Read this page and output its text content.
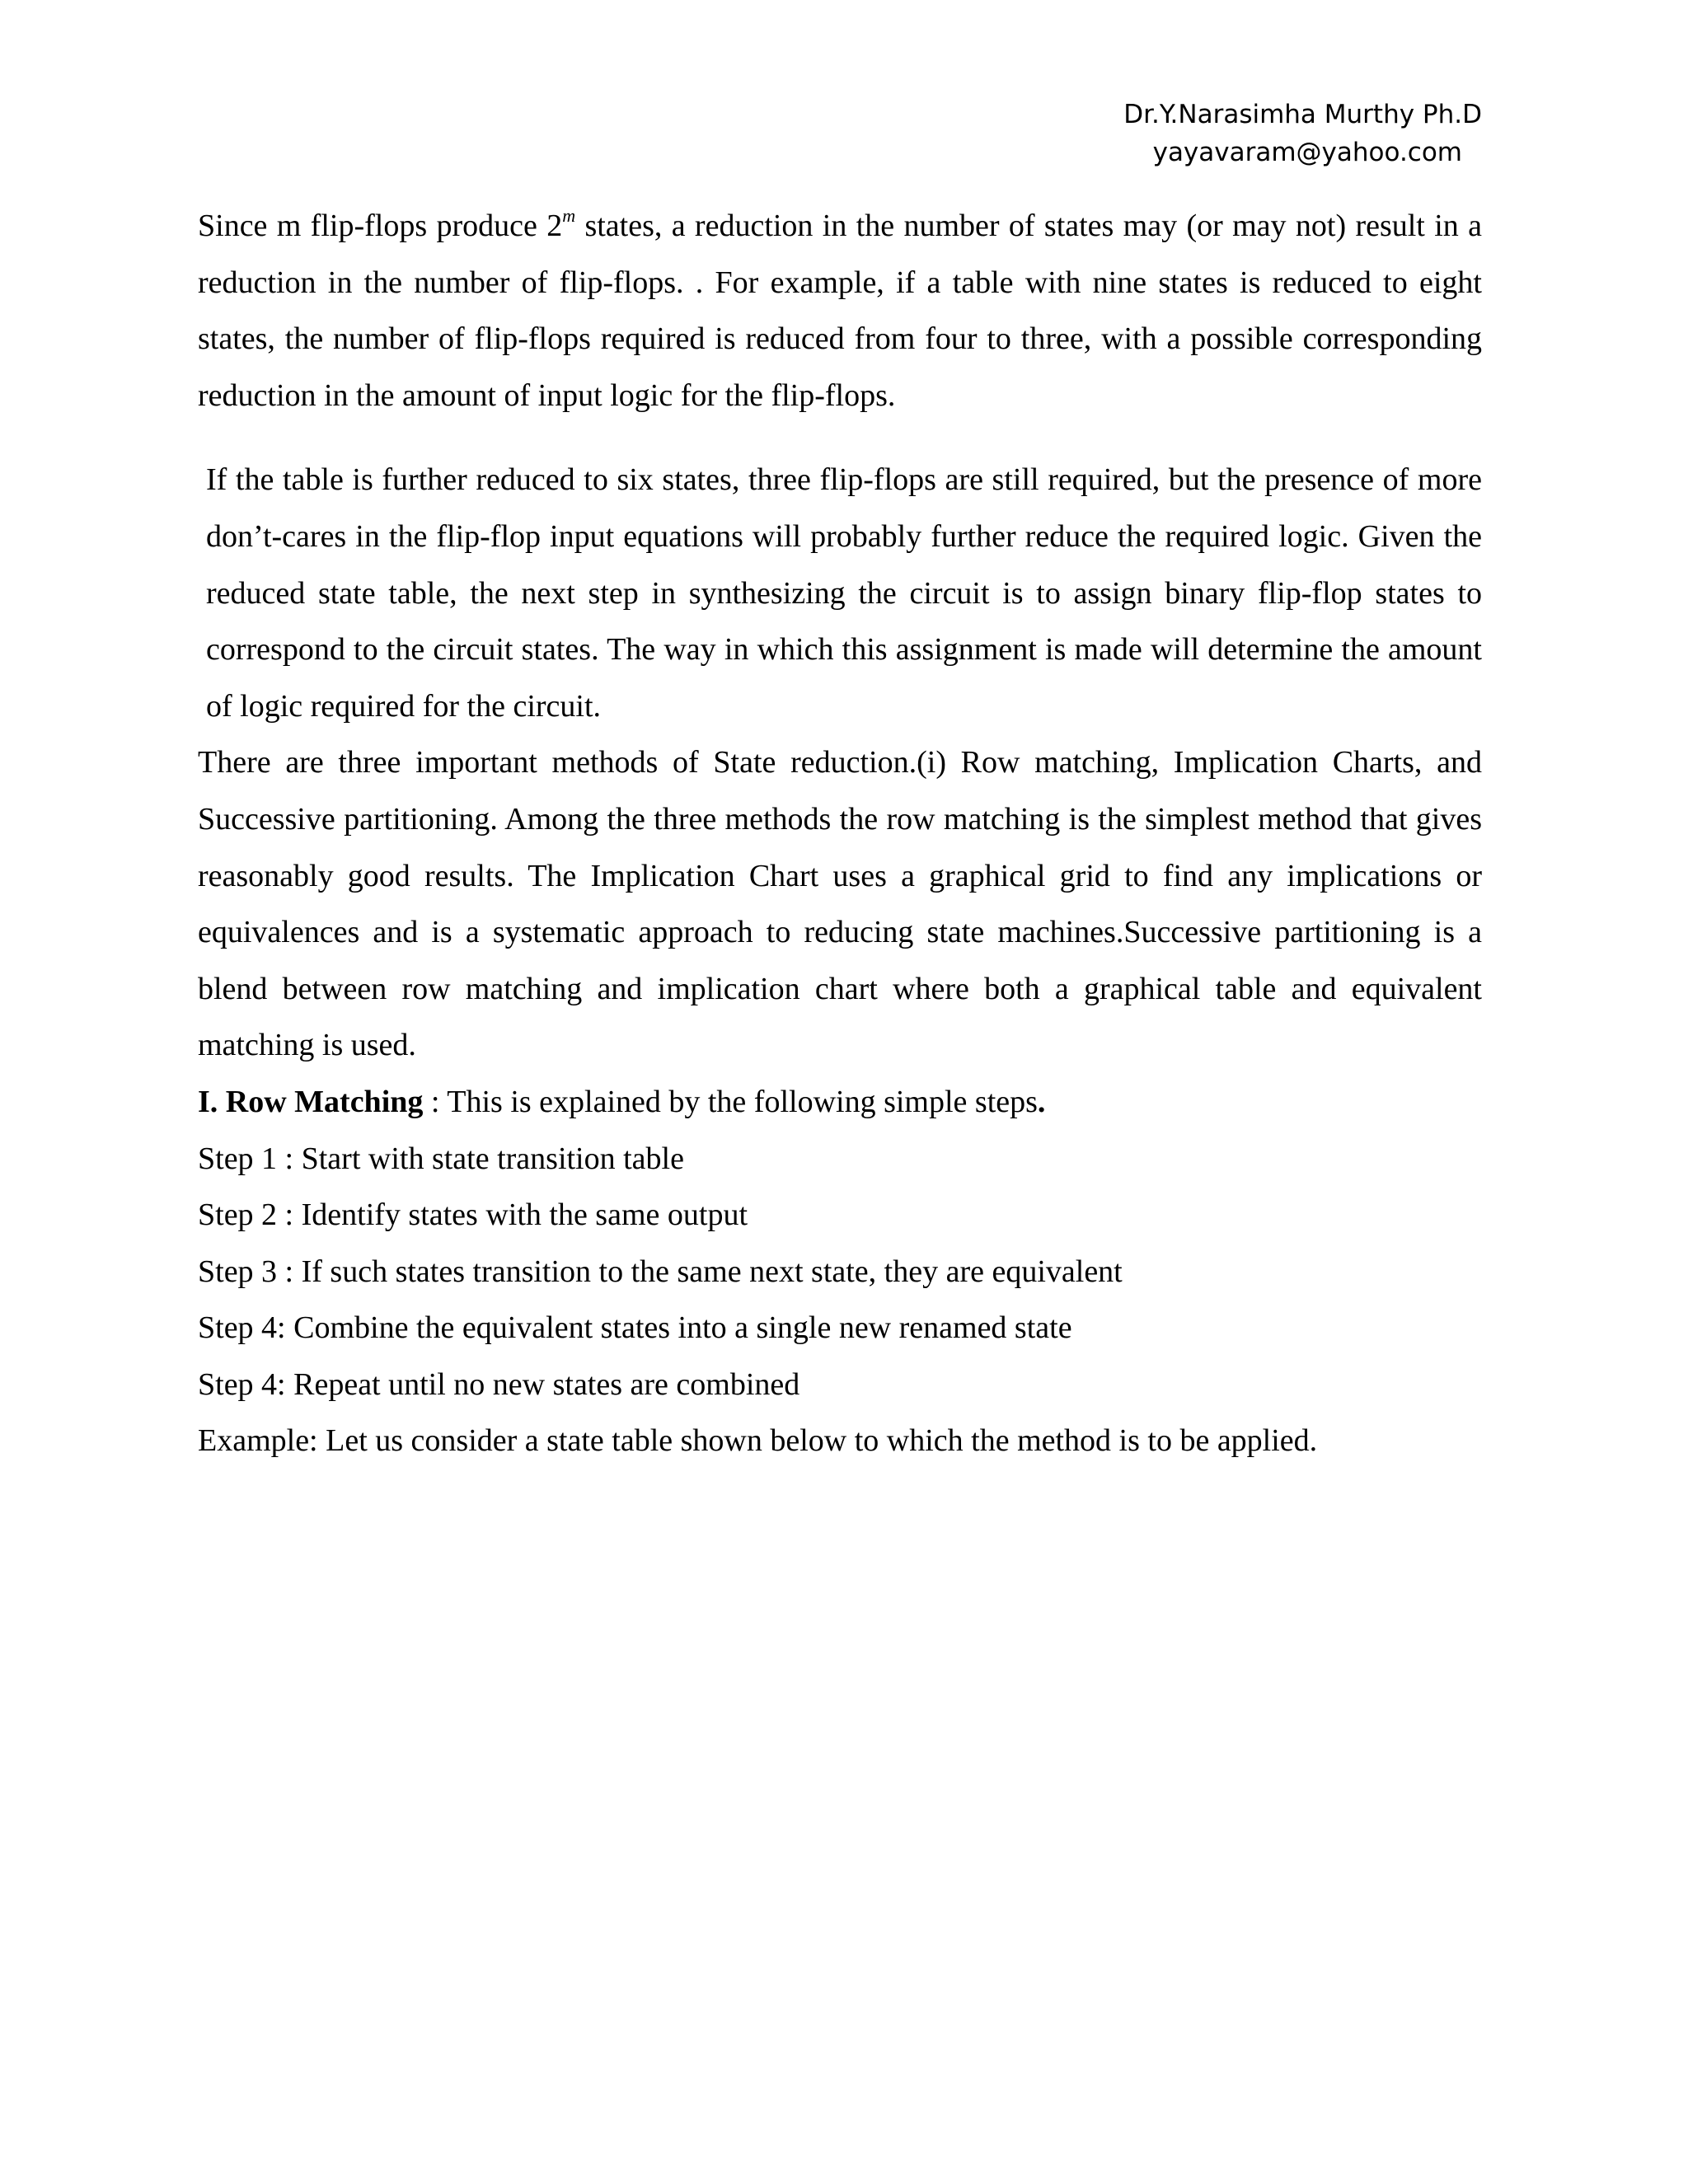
Dr.Y.Narasimha Murthy Ph.D
yayavaram@yahoo.com

Since m flip-flops produce 2$^m$ states, a reduction in the number of states may (or may not) result in a reduction in the number of flip-flops. . For example, if a table with nine states is reduced to eight states, the number of flip-flops required is reduced from four to three, with a possible corresponding reduction in the amount of input logic for the flip-flops.

If the table is further reduced to six states, three flip-flops are still required, but the presence of more don’t-cares in the flip-flop input equations will probably further reduce the required logic. Given the reduced state table, the next step in synthesizing the circuit is to assign binary flip-flop states to correspond to the circuit states. The way in which this assignment is made will determine the amount of logic required for the circuit.

There are three important methods of State reduction.(i) Row matching, Implication Charts, and Successive partitioning. Among the three methods the row matching is the simplest method that gives reasonably good results. The Implication Chart uses a graphical grid to find any implications or equivalences and is a systematic approach to reducing state machines.Successive partitioning is a blend between row matching and implication chart where both a graphical table and equivalent matching is used.

I. Row Matching : This is explained by the following simple steps.

Step 1 : Start with state transition table

Step 2 : Identify states with the same output

Step 3 : If such states transition to the same next state, they are equivalent

Step 4: Combine the equivalent states into a single new renamed state

Step 4: Repeat until no new states are combined

Example: Let us consider a state table shown below to which the method is to be applied.
